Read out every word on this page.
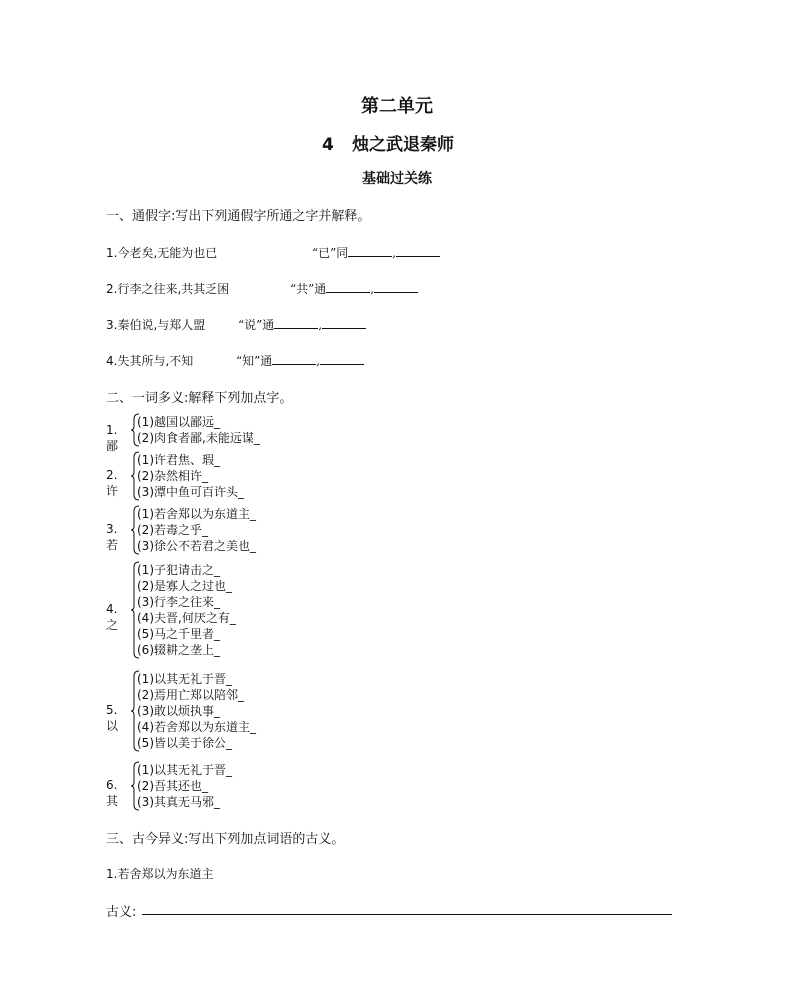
第二单元
4 烛之武退秦师
基础过关练
一、通假字:写出下列通假字所通之字并解释。
1.今老矣,无能为也已	“已”同	,
2.行李之往来,共其乏困	“共”通	,
3.秦伯说,与郑人盟	“说”通	,
4.失其所与,不知	“知”通	,
二、一词多义:解释下列加点字。
1.鄙
(1)越国以鄙远_
(2)肉食者鄙,未能远谋_
2.许
(1)许君焦、瑕_
(2)杂然相许_
(3)潭中鱼可百许头_
3.若
(1)若舍郑以为东道主_
(2)若毒之乎_
(3)徐公不若君之美也_
4.之
(1)子犯请击之_
(2)是寡人之过也_
(3)行李之往来_
(4)夫晋,何厌之有_
(5)马之千里者_
(6)辍耕之垄上_
5.以
(1)以其无礼于晋_
(2)焉用亡郑以陪邻_
(3)敢以烦执事_
(4)若舍郑以为东道主_
(5)皆以美于徐公_
6.其
(1)以其无礼于晋_
(2)吾其还也_
(3)其真无马邪_
三、古今异义:写出下列加点词语的古义。
1.若舍郑以为东道主
古义:
